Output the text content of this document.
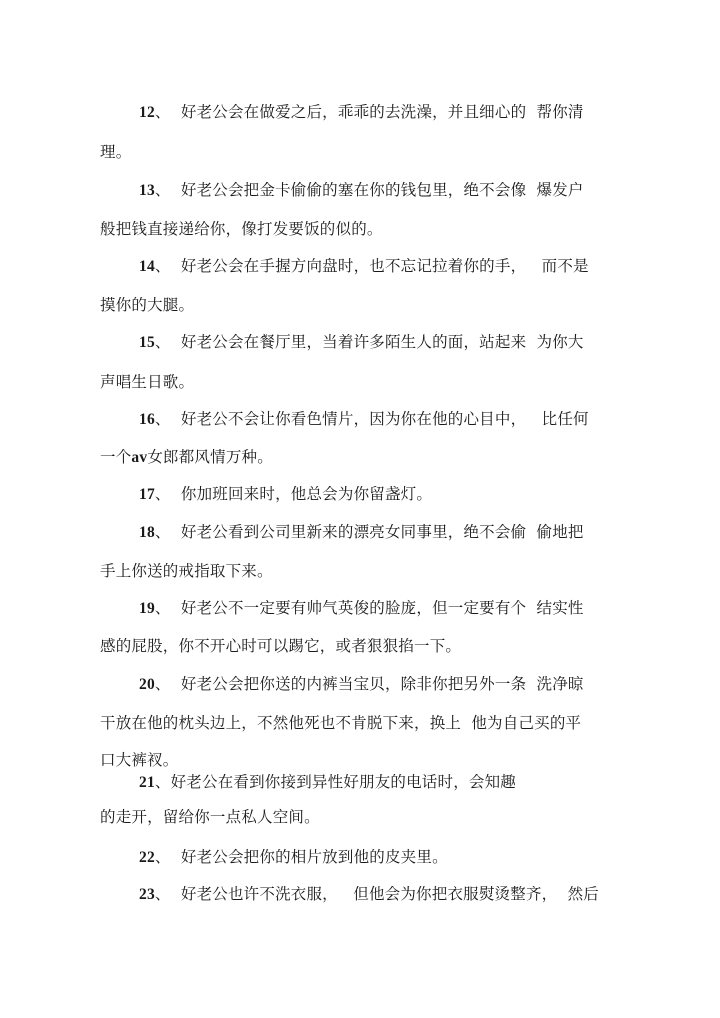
12、 好老公会在做爱之后，乖乖的去洗澡，并且细心的  帮你清
理。
13、 好老公会把金卡偷偷的塞在你的钱包里，绝不会像  爆发户
般把钱直接递给你，像打发要饭的似的。
14、 好老公会在手握方向盘时，也不忘记拉着你的手，   而不是
摸你的大腿。
15、 好老公会在餐厅里，当着许多陌生人的面，站起来  为你大
声唱生日歌。
16、 好老公不会让你看色情片，因为你在他的心目中，   比任何
一个av女郎都风情万种。
17、 你加班回来时，他总会为你留盏灯。
18、 好老公看到公司里新来的漂亮女同事里，绝不会偷  偷地把
手上你送的戒指取下来。
19、 好老公不一定要有帅气英俊的脸庞，但一定要有个  结实性
感的屁股，你不开心时可以踢它，或者狠狠掐一下。
20、 好老公会把你送的内裤当宝贝，除非你把另外一条  洗净晾
干放在他的枕头边上，不然他死也不肯脱下来，换上  他为自己买的平
口大裤衩。
21、好老公在看到你接到异性好朋友的电话时，会知趣
的走开，留给你一点私人空间。
22、 好老公会把你的相片放到他的皮夹里。
23、 好老公也许不洗衣服，   但他会为你把衣服熨烫整齐，  然后
